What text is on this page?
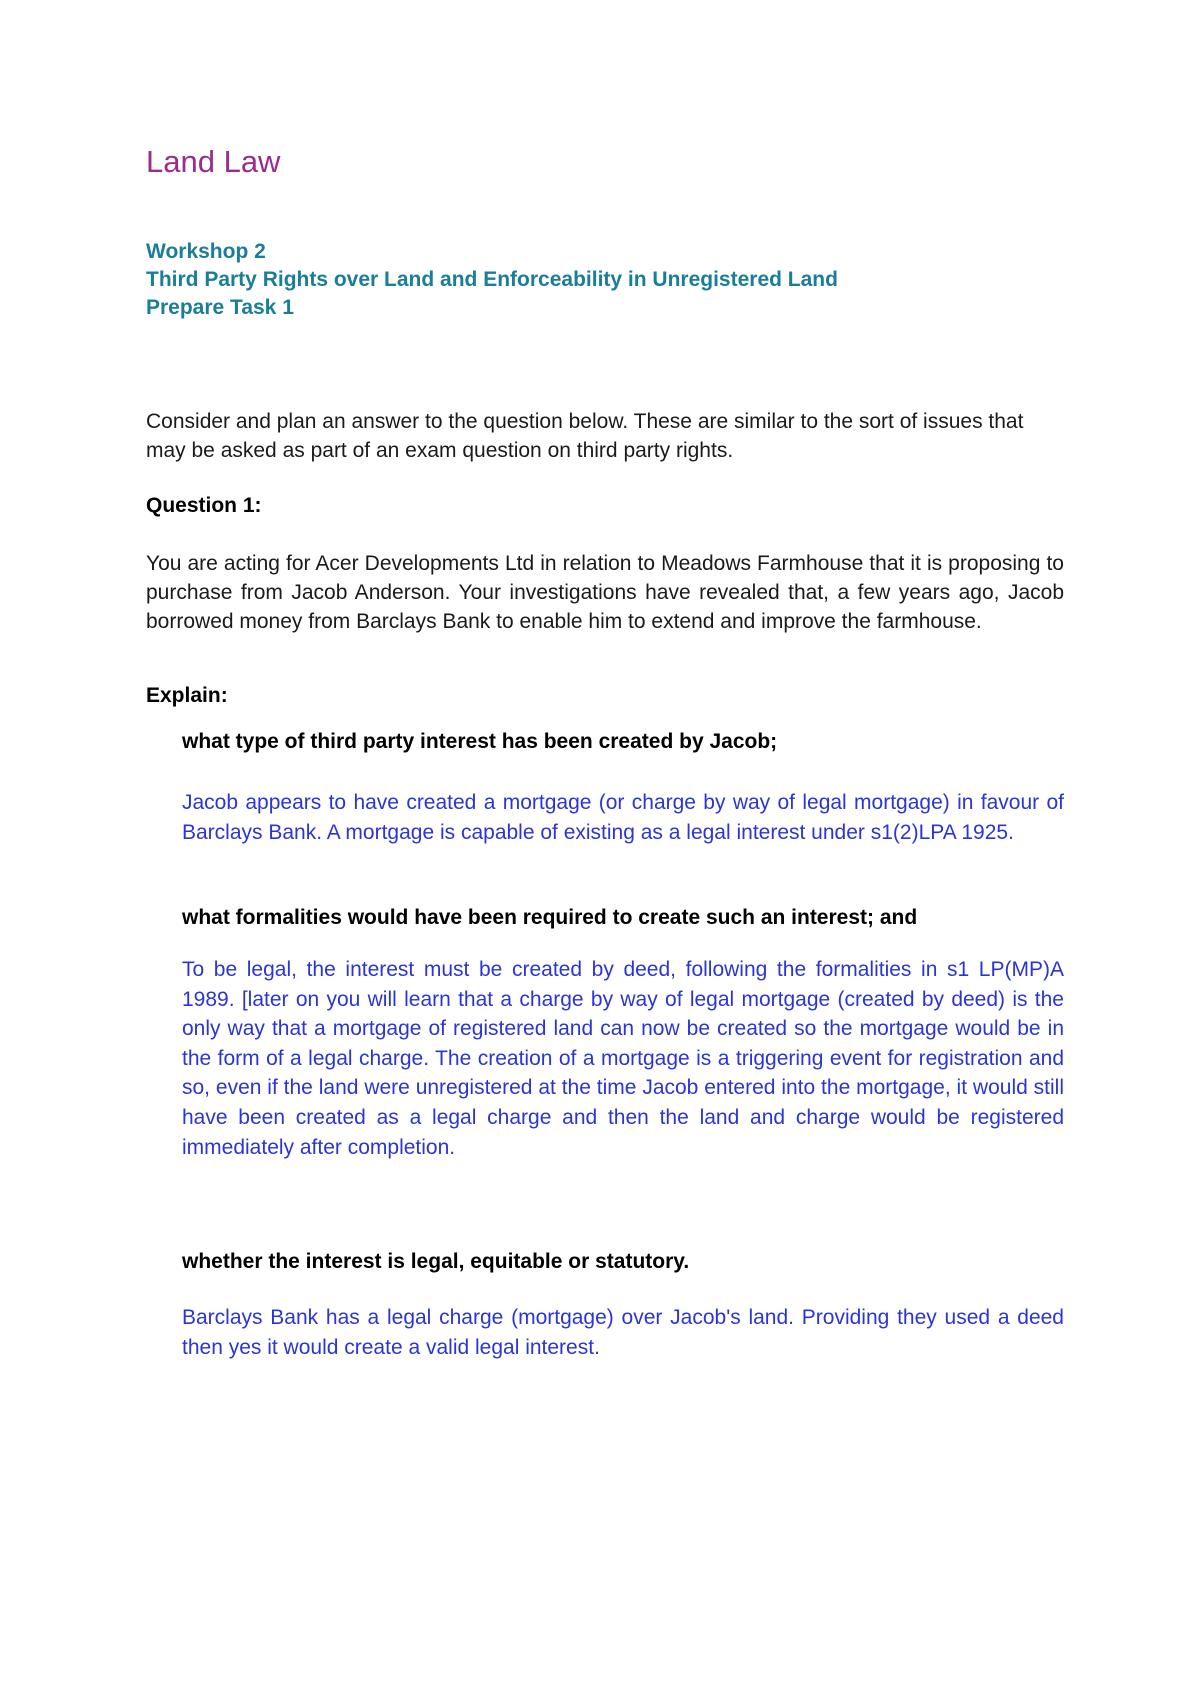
Land Law

Workshop 2

Third Party Rights over Land and Enforceability in Unregistered Land

Prepare Task 1

Consider and plan an answer to the question below. These are similar to the sort of issues that may be asked as part of an exam question on third party rights.

Question 1:

You are acting for Acer Developments Ltd in relation to Meadows Farmhouse that it is proposing to purchase from Jacob Anderson. Your investigations have revealed that, a few years ago, Jacob borrowed money from Barclays Bank to enable him to extend and improve the farmhouse.

Explain:

what type of third party interest has been created by Jacob;

Jacob appears to have created a mortgage (or charge by way of legal mortgage) in favour of Barclays Bank. A mortgage is capable of existing as a legal interest under s1(2)LPA 1925.

what formalities would have been required to create such an interest; and

To be legal, the interest must be created by deed, following the formalities in s1 LP(MP)A 1989. [later on you will learn that a charge by way of legal mortgage (created by deed) is the only way that a mortgage of registered land can now be created so the mortgage would be in the form of a legal charge. The creation of a mortgage is a triggering event for registration and so, even if the land were unregistered at the time Jacob entered into the mortgage, it would still have been created as a legal charge and then the land and charge would be registered immediately after completion.

whether the interest is legal, equitable or statutory.

Barclays Bank has a legal charge (mortgage) over Jacob's land. Providing they used a deed then yes it would create a valid legal interest.
